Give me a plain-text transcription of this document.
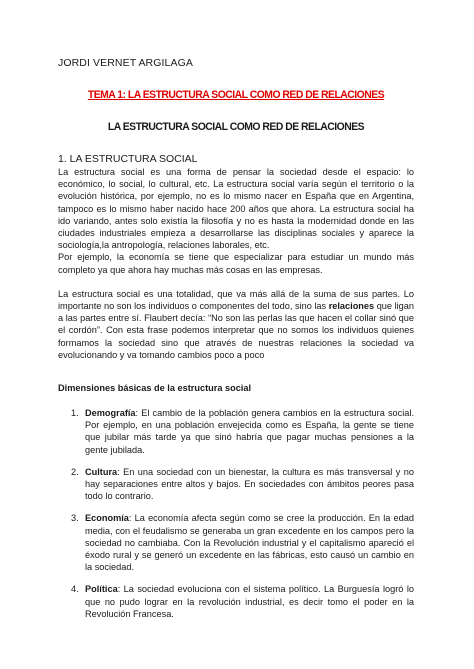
JORDI VERNET ARGILAGA
TEMA 1: LA ESTRUCTURA SOCIAL COMO RED DE RELACIONES
LA ESTRUCTURA SOCIAL COMO RED DE RELACIONES
1. LA ESTRUCTURA SOCIAL

La estructura social es una forma de pensar la sociedad desde el espacio: lo económico, lo social, lo cultural, etc. La estructura social varía según el territorio o la evolución histórica, por ejemplo, no es lo mismo nacer en España que en Argentina, tampoco es lo mismo haber nacido hace 200 años que ahora. La estructura social ha ido variando, antes solo existía la filosofía y no es hasta la modernidad donde en las ciudades industriales empieza a desarrollarse las disciplinas sociales y aparece la sociología,la antropología, relaciones laborales, etc.

Por ejemplo, la economía se tiene que especializar para estudiar un mundo más completo ya que ahora hay muchas más cosas en las empresas.

La estructura social es una totalidad, que va más allá de la suma de sus partes. Lo importante no son los individuos o componentes del todo, sino las relaciones que ligan a las partes entre sí. Flaubert decía: “No son las perlas las que hacen el collar sinó que el cordón”. Con esta frase podemos interpretar que no somos los individuos quienes formamos la sociedad sino que através de nuestras relaciones la sociedad va evolucionando y va tomando cambios poco a poco

Dimensiones básicas de la estructura social
1. Demografía: El cambio de la población genera cambios en la estructura social. Por ejemplo, en una población envejecida como es España, la gente se tiene que jubilar más tarde ya que sinó habría que pagar muchas pensiones a la gente jubilada.
2. Cultura: En una sociedad con un bienestar, la cultura es más transversal y no hay separaciones entre altos y bajos. En sociedades con ámbitos peores pasa todo lo contrario.
3. Economía: La economía afecta según como se cree la producción. En la edad media, con el feudalismo se generaba un gran excedente en los campos pero la sociedad no cambiaba. Con la Revolución industrial y el capitalismo apareció el éxodo rural y se generó un excedente en las fábricas, esto causó un cambio en la sociedad.
4. Política: La sociedad evoluciona con el sistema político. La Burguesía logró lo que no pudo lograr en la revolución industrial, es decir tomo el poder en la Revolución Francesa.
